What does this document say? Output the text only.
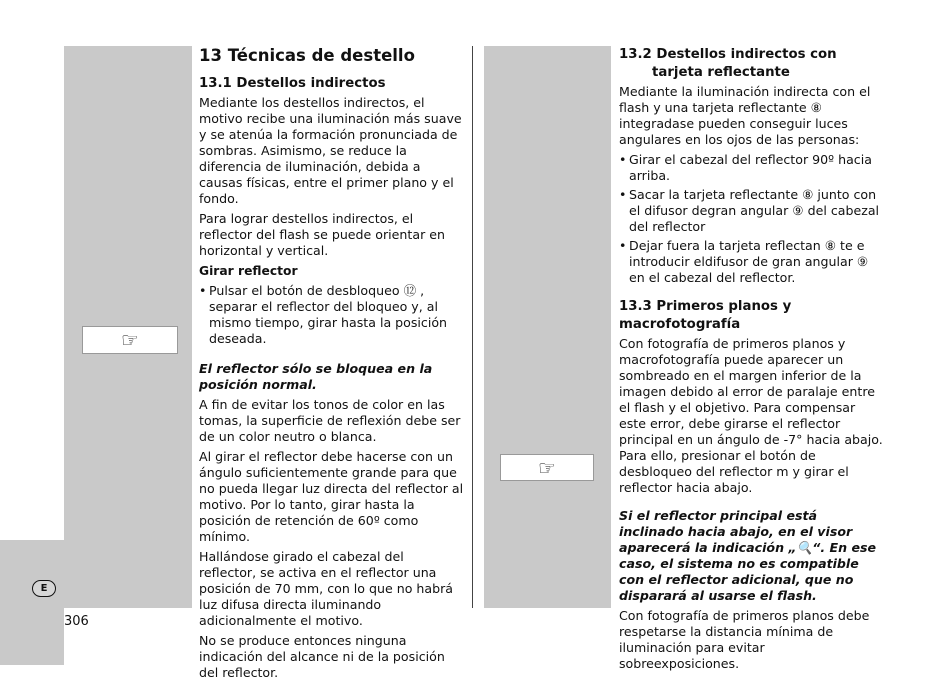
☞
☞
13 Técnicas de destello
13.1 Destellos indirectos

Mediante los destellos indirectos, el motivo recibe una iluminación más suave y se atenúa la formación pronunciada de sombras. Asimismo, se reduce la diferencia de iluminación, debida a causas físicas, entre el primer plano y el fondo.

Para lograr destellos indirectos, el reflector del flash se puede orientar en horizontal y vertical.

Girar reflector
• Pulsar el botón de desbloqueo ⑫ , separar el reflector del bloqueo y, al mismo tiempo, girar hasta la posición deseada.

El reflector sólo se bloquea en la posición normal.

A fin de evitar los tonos de color en las tomas, la superficie de reflexión debe ser de un color neutro o blanca.

Al girar el reflector debe hacerse con un ángulo suficientemente grande para que no pueda llegar luz directa del reflector al motivo. Por lo tanto, girar hasta la posición de retención de 60º como mínimo.

Hallándose girado el cabezal del reflector, se activa en el reflector una posición de 70 mm, con lo que no habrá luz difusa directa iluminando adicionalmente el motivo.

No se produce entonces ninguna indicación del alcance ni de la posición del reflector.

13.2 Destellos indirectos con tarjeta reflectante

Mediante la iluminación indirecta con el flash y una tarjeta reflectante ⑧ integradase pueden conseguir luces angulares en los ojos de las personas:

• Girar el cabezal del reflector 90º hacia arriba.
• Sacar la tarjeta reflectante ⑧ junto con el difusor degran angular ⑨ del cabezal del reflector
• Dejar fuera la tarjeta reflectan ⑧ te e introducir eldifusor de gran angular ⑨ en el cabezal del reflector.
13.3 Primeros planos y macrofotografía

Con fotografía de primeros planos y macrofotografía puede aparecer un sombreado en el margen inferior de la imagen debido al error de paralaje entre el flash y el objetivo. Para compensar este error, debe girarse el reflector principal en un ángulo de -7° hacia abajo. Para ello, presionar el botón de desbloqueo del reflector m y girar el reflector hacia abajo.

Si el reflector principal está inclinado hacia abajo, en el visor aparecerá la indicación „🔍“. En ese caso, el sistema no es compatible con el reflector adicional, que no disparará al usarse el flash.

Con fotografía de primeros planos debe respetarse la distancia mínima de iluminación para evitar sobreexposiciones.

E
306
